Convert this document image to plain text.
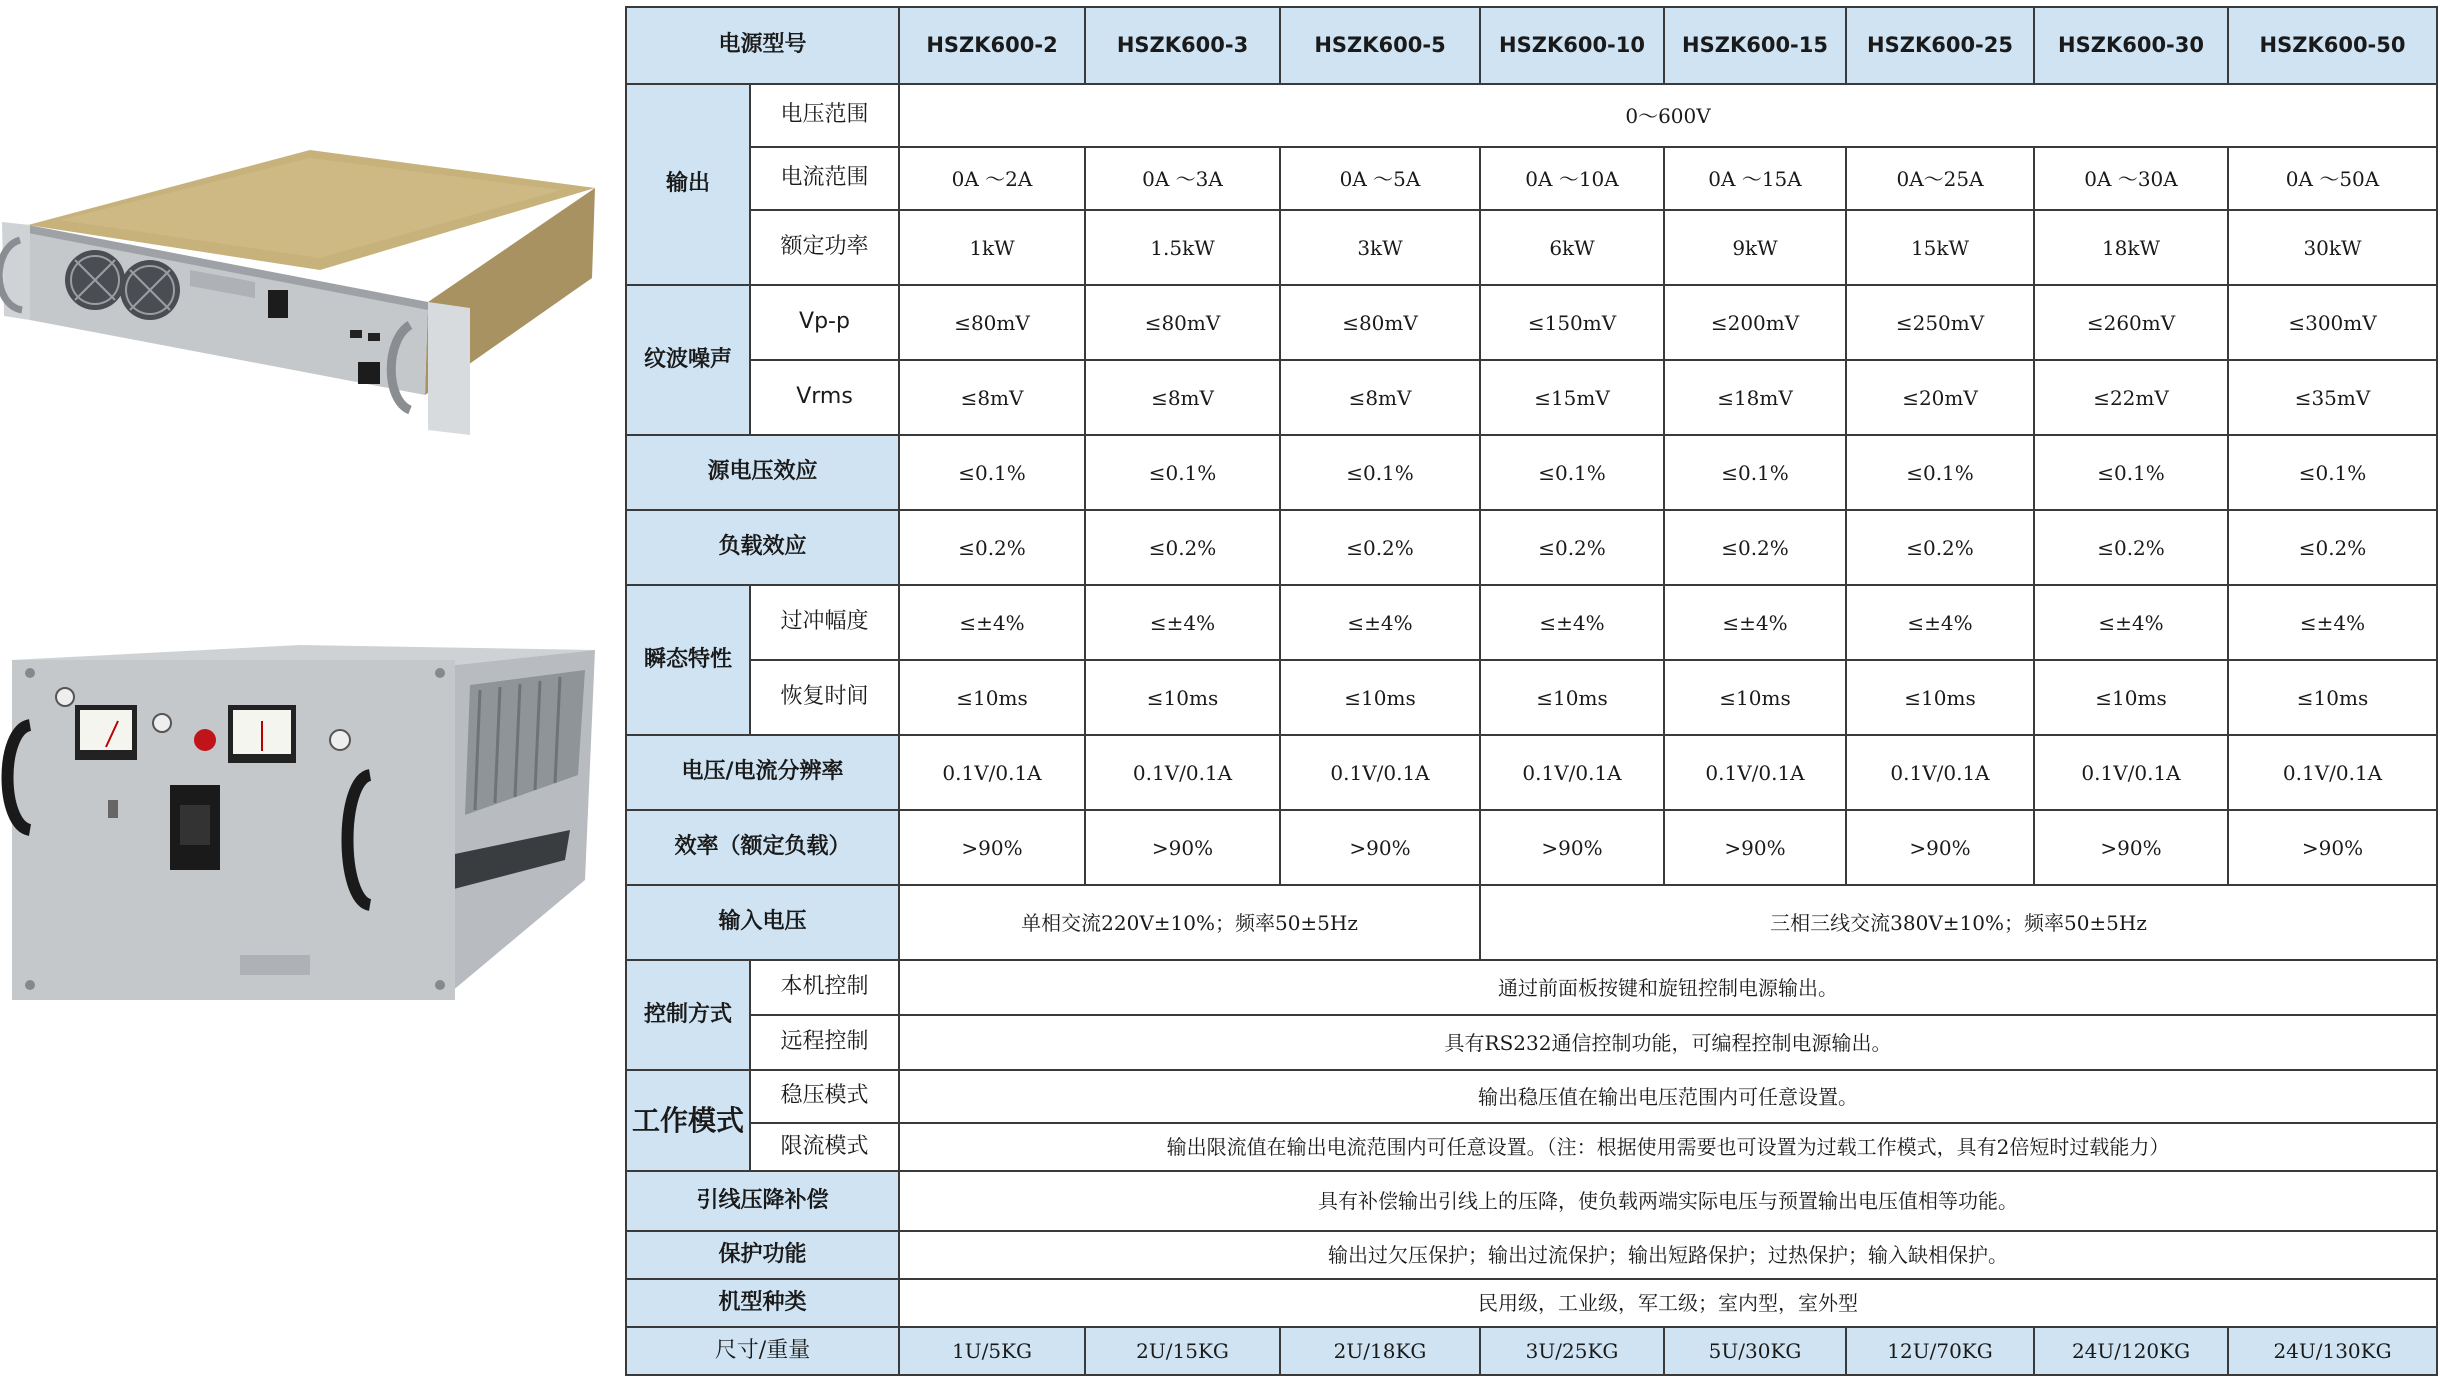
电源型号		HSZK600-2	HSZK600-3	HSZK600-5	HSZK600-10	HSZK600-15	HSZK600-25	HSZK600-30	HSZK600-50
输出	电压范围	0～600V							
	电流范围	0A ～2A	0A ～3A	0A ～5A	0A ～10A	0A ～15A	0A～25A	0A ～30A	0A ～50A
	额定功率	1kW	1.5kW	3kW	6kW	9kW	15kW	18kW	30kW
纹波噪声	Vp-p	≤80mV	≤80mV	≤80mV	≤150mV	≤200mV	≤250mV	≤260mV	≤300mV
	Vrms	≤8mV	≤8mV	≤8mV	≤15mV	≤18mV	≤20mV	≤22mV	≤35mV
源电压效应		≤0.1%	≤0.1%	≤0.1%	≤0.1%	≤0.1%	≤0.1%	≤0.1%	≤0.1%
负载效应		≤0.2%	≤0.2%	≤0.2%	≤0.2%	≤0.2%	≤0.2%	≤0.2%	≤0.2%
瞬态特性	过冲幅度	≤±4%	≤±4%	≤±4%	≤±4%	≤±4%	≤±4%	≤±4%	≤±4%
	恢复时间	≤10ms	≤10ms	≤10ms	≤10ms	≤10ms	≤10ms	≤10ms	≤10ms
电压/电流分辨率		0.1V/0.1A	0.1V/0.1A	0.1V/0.1A	0.1V/0.1A	0.1V/0.1A	0.1V/0.1A	0.1V/0.1A	0.1V/0.1A
效率（额定负载）		>90%	>90%	>90%	>90%	>90%	>90%	>90%	>90%
输入电压		单相交流220V±10%；频率50±5Hz			三相三线交流380V±10%；频率50±5Hz				
控制方式	本机控制	通过前面板按键和旋钮控制电源输出。							
	远程控制	具有RS232通信控制功能，可编程控制电源输出。							
工作模式	稳压模式	输出稳压值在输出电压范围内可任意设置。							
	限流模式	输出限流值在输出电流范围内可任意设置。（注：根据使用需要也可设置为过载工作模式，具有2倍短时过载能力）							
引线压降补偿		具有补偿输出引线上的压降，使负载两端实际电压与预置输出电压值相等功能。							
保护功能		输出过欠压保护；输出过流保护；输出短路保护；过热保护；输入缺相保护。							
机型种类		民用级，工业级，军工级；室内型，室外型							
尺寸/重量		1U/5KG	2U/15KG	2U/18KG	3U/25KG	5U/30KG	12U/70KG	24U/120KG	24U/130KG
